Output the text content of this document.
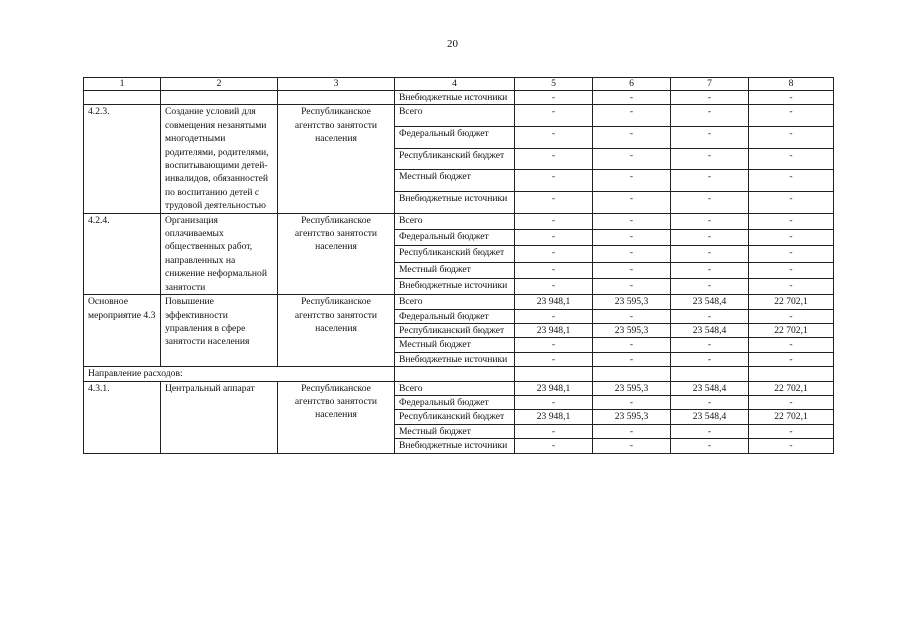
20
1	2	3	4	5	6	7	8
			Внебюджетные источники	-	-	-	-
4.2.3.	Создание условий для совмещения незанятыми многодетными родителями, родителями, воспитывающими детей-инвалидов, обязанностей по воспитанию детей с трудовой деятельностью	Республиканское агентство занятости населения	Всего	-	-	-	-
			Федеральный бюджет	-	-	-	-
			Республиканский бюджет	-	-	-	-
			Местный бюджет	-	-	-	-
			Внебюджетные источники	-	-	-	-
4.2.4.	Организация оплачиваемых общественных работ, направленных на снижение неформальной занятости	Республиканское агентство занятости населения	Всего	-	-	-	-
			Федеральный бюджет	-	-	-	-
			Республиканский бюджет	-	-	-	-
			Местный бюджет	-	-	-	-
			Внебюджетные источники	-	-	-	-
Основное мероприятие 4.3	Повышение эффективности управления в сфере занятости населения	Республиканское агентство занятости населения	Всего	23 948,1	23 595,3	23 548,4	22 702,1
			Федеральный бюджет	-	-	-	-
			Республиканский бюджет	23 948,1	23 595,3	23 548,4	22 702,1
			Местный бюджет	-	-	-	-
			Внебюджетные источники	-	-	-	-
Направление расходов:							
4.3.1.	Центральный аппарат	Республиканское агентство занятости населения	Всего	23 948,1	23 595,3	23 548,4	22 702,1
			Федеральный бюджет	-	-	-	-
			Республиканский бюджет	23 948,1	23 595,3	23 548,4	22 702,1
			Местный бюджет	-	-	-	-
			Внебюджетные источники	-	-	-	-
